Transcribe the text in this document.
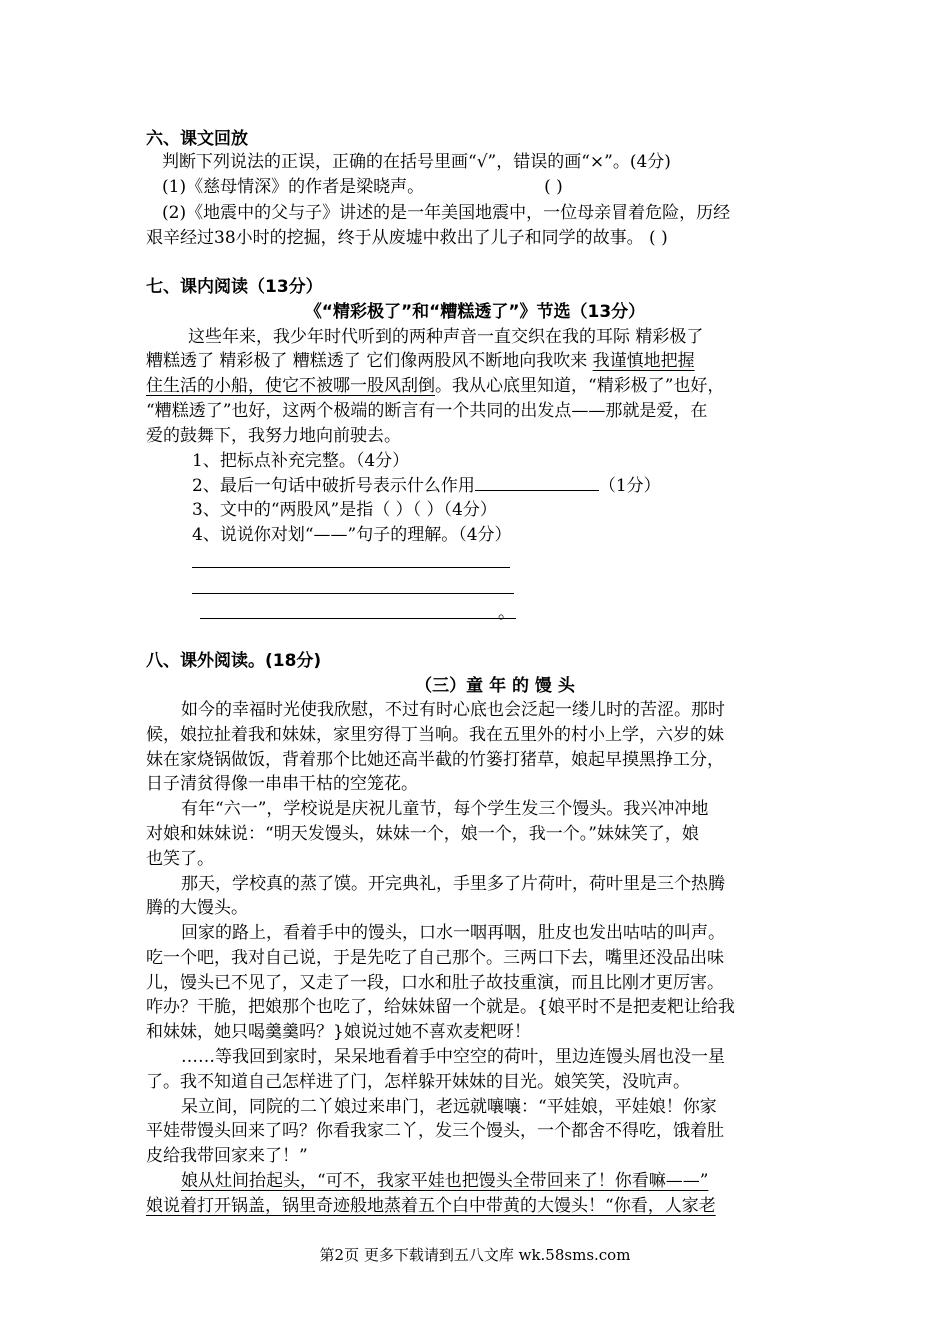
六、课文回放
判断下列说法的正误，正确的在括号里画“√”，错误的画“×”。(4分)
(1)《慈母情深》的作者是梁晓声。	( )
(2)《地震中的父与子》讲述的是一年美国地震中，一位母亲冒着危险，历经
艰辛经过38小时的挖掘，终于从废墟中救出了儿子和同学的故事。 ( )
七、课内阅读（13分）
《“精彩极了”和“糟糕透了”》节选（13分）
这些年来，我少年时代听到的两种声音一直交织在我的耳际 精彩极了
糟糕透了 精彩极了 糟糕透了 它们像两股风不断地向我吹来 我谨慎地把握
住生活的小船，使它不被哪一股风刮倒。我从心底里知道，“精彩极了”也好，
“糟糕透了”也好，这两个极端的断言有一个共同的出发点——那就是爱，在
爱的鼓舞下，我努力地向前驶去。
1、把标点补充完整。（4分）
2、最后一句话中破折号表示什么作用	（1分）
3、文中的“两股风”是指（ ）（ ）（4分）
4、说说你对划“——”句子的理解。（4分）
。
八、课外阅读。(18分)
（三）童 年 的 馒 头
如今的幸福时光使我欣慰，不过有时心底也会泛起一缕儿时的苦涩。那时
候，娘拉扯着我和妹妹，家里穷得丁当响。我在五里外的村小上学，六岁的妹
妹在家烧锅做饭，背着那个比她还高半截的竹篓打猪草，娘起早摸黑挣工分，
日子清贫得像一串串干枯的空笼花。
有年“六一”，学校说是庆祝儿童节，每个学生发三个馒头。我兴冲冲地
对娘和妹妹说：“明天发馒头，妹妹一个，娘一个，我一个。”妹妹笑了，娘
也笑了。
那天，学校真的蒸了馍。开完典礼，手里多了片荷叶，荷叶里是三个热腾
腾的大馒头。
回家的路上，看着手中的馒头，口水一咽再咽，肚皮也发出咕咕的叫声。
吃一个吧，我对自己说，于是先吃了自己那个。三两口下去，嘴里还没品出味
儿，馒头已不见了，又走了一段，口水和肚子故技重演，而且比刚才更厉害。
咋办？干脆，把娘那个也吃了，给妹妹留一个就是。{娘平时不是把麦粑让给我
和妹妹，她只喝羹羹吗？}娘说过她不喜欢麦粑呀！
……等我回到家时，呆呆地看着手中空空的荷叶，里边连馒头屑也没一星
了。我不知道自己怎样进了门，怎样躲开妹妹的目光。娘笑笑，没吭声。
呆立间，同院的二丫娘过来串门，老远就嚷嚷：“平娃娘，平娃娘！你家
平娃带馒头回来了吗？你看我家二丫，发三个馒头，一个都舍不得吃，饿着肚
皮给我带回家来了！”
娘从灶间抬起头，“可不，我家平娃也把馒头全带回来了！你看嘛——”
娘说着打开锅盖，锅里奇迹般地蒸着五个白中带黄的大馒头！“你看，人家老
第2页 更多下载请到五八文库 wk.58sms.com
